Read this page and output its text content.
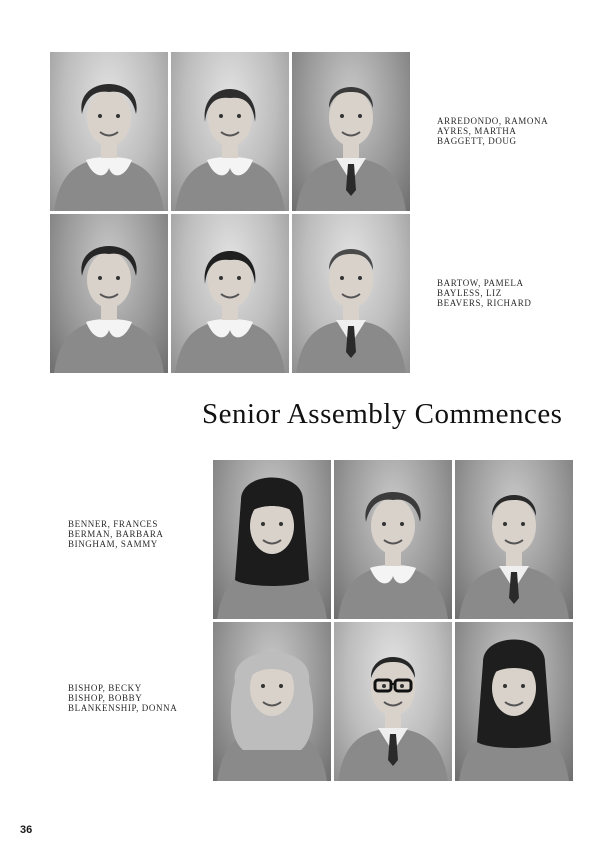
ARREDONDO, RAMONA
AYRES, MARTHA
BAGGETT, DOUG
BARTOW, PAMELA
BAYLESS, LIZ
BEAVERS, RICHARD
Senior Assembly Commences
BENNER, FRANCES
BERMAN, BARBARA
BINGHAM, SAMMY
BISHOP, BECKY
BISHOP, BOBBY
BLANKENSHIP, DONNA
36
